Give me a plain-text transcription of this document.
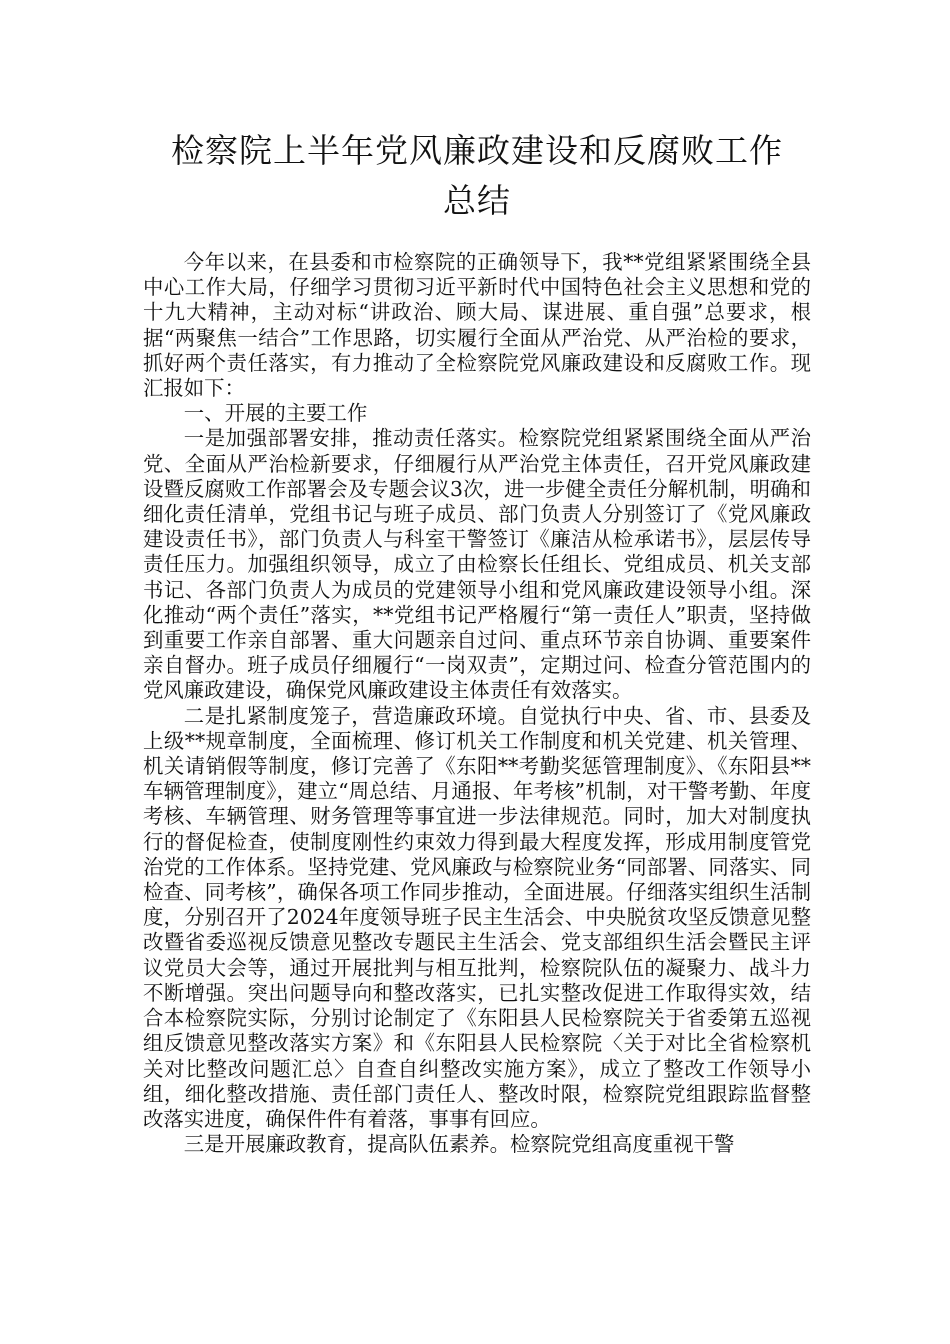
检察院上半年党风廉政建设和反腐败工作
总结

今年以来，在县委和市检察院的正确领导下，我**党组紧紧围绕全县中心工作大局，仔细学习贯彻习近平新时代中国特色社会主义思想和党的十九大精神，主动对标“讲政治、顾大局、谋进展、重自强”总要求，根据“两聚焦一结合”工作思路，切实履行全面从严治党、从严治检的要求，抓好两个责任落实，有力推动了全检察院党风廉政建设和反腐败工作。现汇报如下：

一、开展的主要工作

一是加强部署安排，推动责任落实。检察院党组紧紧围绕全面从严治党、全面从严治检新要求，仔细履行从严治党主体责任，召开党风廉政建设暨反腐败工作部署会及专题会议3次，进一步健全责任分解机制，明确和细化责任清单，党组书记与班子成员、部门负责人分别签订了《党风廉政建设责任书》，部门负责人与科室干警签订《廉洁从检承诺书》，层层传导责任压力。加强组织领导，成立了由检察长任组长、党组成员、机关支部书记、各部门负责人为成员的党建领导小组和党风廉政建设领导小组。深化推动“两个责任”落实，**党组书记严格履行“第一责任人”职责，坚持做到重要工作亲自部署、重大问题亲自过问、重点环节亲自协调、重要案件亲自督办。班子成员仔细履行“一岗双责”，定期过问、检查分管范围内的党风廉政建设，确保党风廉政建设主体责任有效落实。

二是扎紧制度笼子，营造廉政环境。自觉执行中央、省、市、县委及上级**规章制度，全面梳理、修订机关工作制度和机关党建、机关管理、机关请销假等制度，修订完善了《东阳**考勤奖惩管理制度》、《东阳县**车辆管理制度》，建立“周总结、月通报、年考核”机制，对干警考勤、年度考核、车辆管理、财务管理等事宜进一步法律规范。同时，加大对制度执行的督促检查，使制度刚性约束效力得到最大程度发挥，形成用制度管党治党的工作体系。坚持党建、党风廉政与检察院业务“同部署、同落实、同检查、同考核”，确保各项工作同步推动，全面进展。仔细落实组织生活制度，分别召开了2024年度领导班子民主生活会、中央脱贫攻坚反馈意见整改暨省委巡视反馈意见整改专题民主生活会、党支部组织生活会暨民主评议党员大会等，通过开展批判与相互批判，检察院队伍的凝聚力、战斗力不断增强。突出问题导向和整改落实，已扎实整改促进工作取得实效，结合本检察院实际，分别讨论制定了《东阳县人民检察院关于省委第五巡视组反馈意见整改落实方案》和《东阳县人民检察院〈关于对比全省检察机关对比整改问题汇总〉自查自纠整改实施方案》，成立了整改工作领导小组，细化整改措施、责任部门责任人、整改时限，检察院党组跟踪监督整改落实进度，确保件件有着落，事事有回应。

三是开展廉政教育，提高队伍素养。检察院党组高度重视干警
